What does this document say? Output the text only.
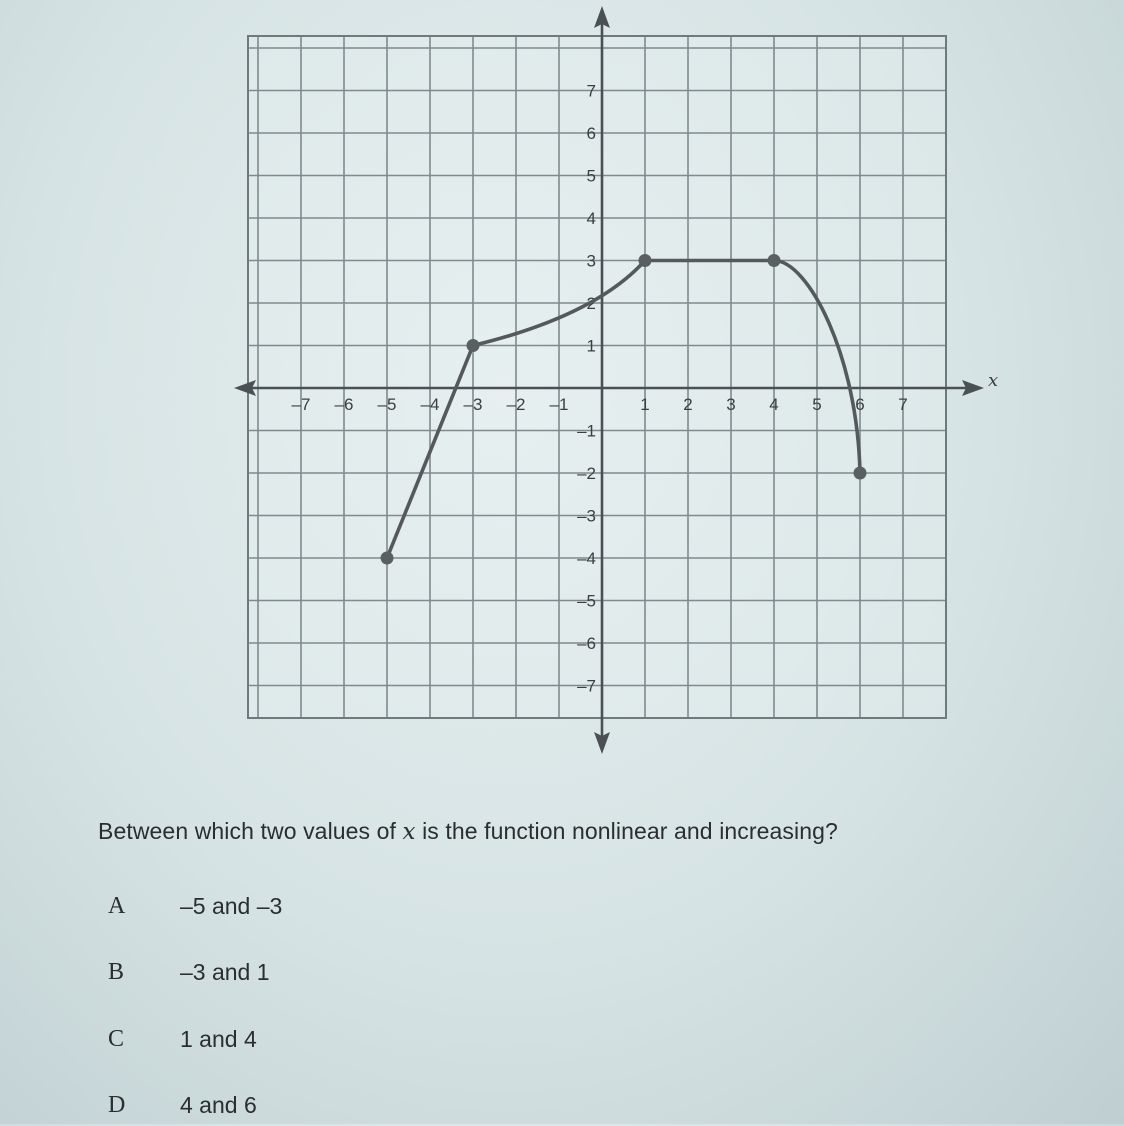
–7 –6 –5 –4 –3 –2 –1	1 2 3 4 5 6 7
7
6
5
4
3
2
1
–1
–2
–3
–4
–5
–6
–7
x
Between which two values of x is the function nonlinear and increasing?
A –5 and –3
B –3 and 1
C 1 and 4
D 4 and 6
